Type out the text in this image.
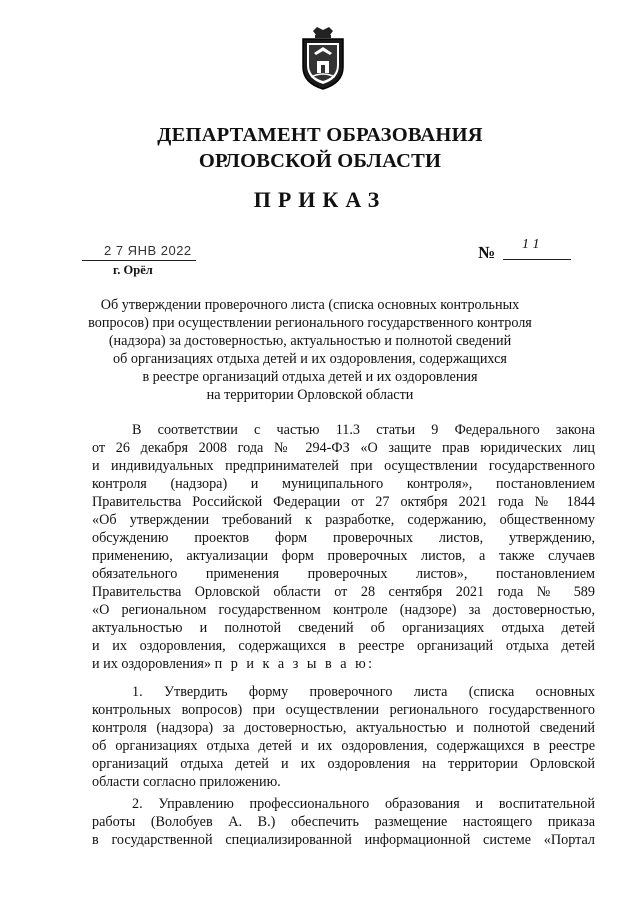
ДЕПАРТАМЕНТ ОБРАЗОВАНИЯ
ОРЛОВСКОЙ ОБЛАСТИ
ПРИКАЗ
2 7 ЯНВ 2022
г. Орёл
№ 1 1
Об утверждении проверочного листа (списка основных контрольных
вопросов) при осуществлении регионального государственного контроля
(надзора) за достоверностью, актуальностью и полнотой сведений
об организациях отдыха детей и их оздоровления, содержащихся
в реестре организаций отдыха детей и их оздоровления
на территории Орловской области
В соответствии с частью 11.3 статьи 9 Федерального закона
от 26 декабря 2008 года № 294-ФЗ «О защите прав юридических лиц
и индивидуальных предпринимателей при осуществлении государственного
контроля (надзора) и муниципального контроля», постановлением
Правительства Российской Федерации от 27 октября 2021 года № 1844
«Об утверждении требований к разработке, содержанию, общественному
обсуждению проектов форм проверочных листов, утверждению,
применению, актуализации форм проверочных листов, а также случаев
обязательного применения проверочных листов», постановлением
Правительства Орловской области от 28 сентября 2021 года № 589
«О региональном государственном контроле (надзоре) за достоверностью,
актуальностью и полнотой сведений об организациях отдыха детей
и их оздоровления, содержащихся в реестре организаций отдыха детей
и их оздоровления» п р и к а з ы в а ю:
1. Утвердить форму проверочного листа (списка основных
контрольных вопросов) при осуществлении регионального государственного
контроля (надзора) за достоверностью, актуальностью и полнотой сведений
об организациях отдыха детей и их оздоровления, содержащихся в реестре
организаций отдыха детей и их оздоровления на территории Орловской
области согласно приложению.
2. Управлению профессионального образования и воспитательной
работы (Волобуев А. В.) обеспечить размещение настоящего приказа
в государственной специализированной информационной системе «Портал
